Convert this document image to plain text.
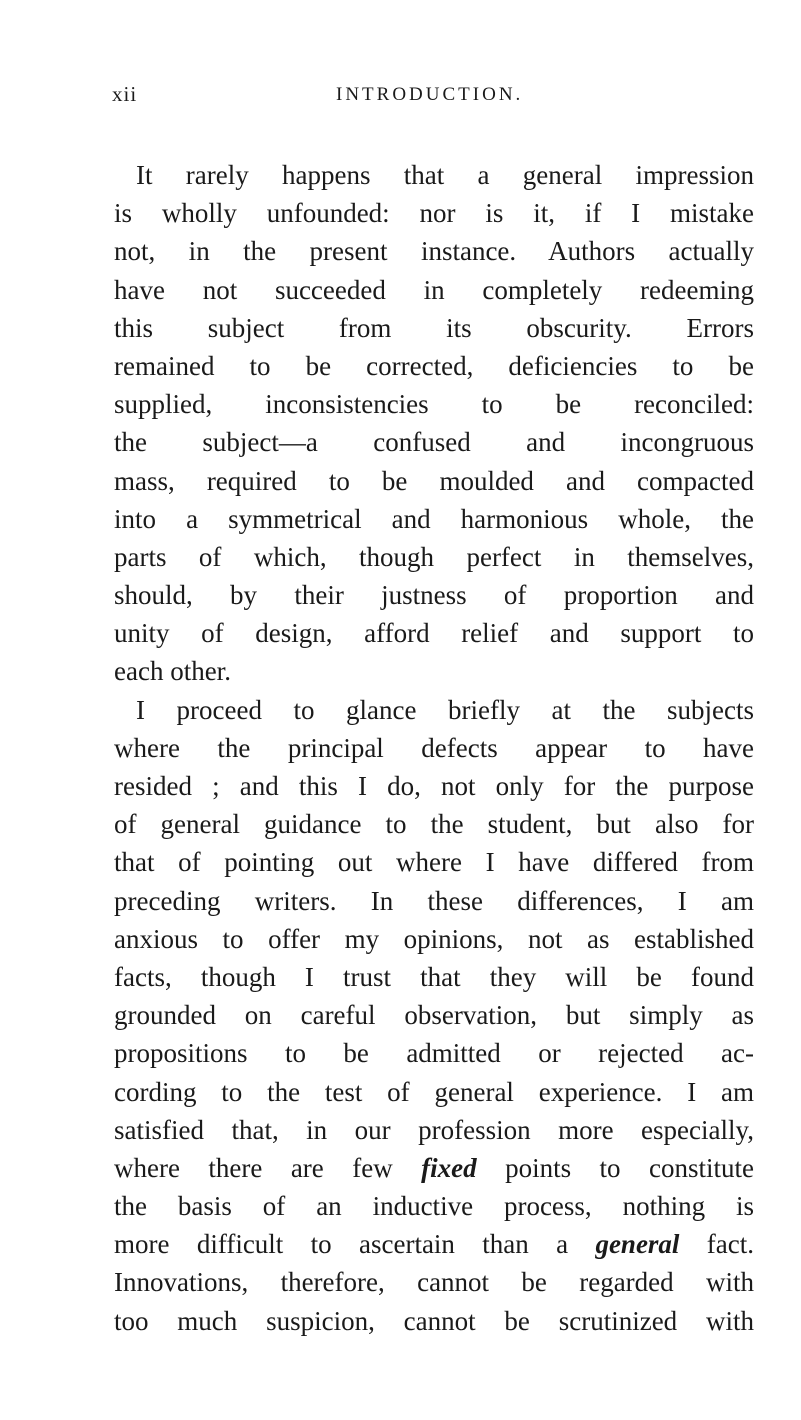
xii	INTRODUCTION.
It rarely happens that a general impression
is wholly unfounded: nor is it, if I mistake
not, in the present instance. Authors actually
have not succeeded in completely redeeming
this subject from its obscurity. Errors
remained to be corrected, deficiencies to be
supplied, inconsistencies to be reconciled:
the subject—a confused and incongruous
mass, required to be moulded and compacted
into a symmetrical and harmonious whole, the
parts of which, though perfect in themselves,
should, by their justness of proportion and
unity of design, afford relief and support to
each other.
I proceed to glance briefly at the subjects
where the principal defects appear to have
resided ; and this I do, not only for the purpose
of general guidance to the student, but also for
that of pointing out where I have differed from
preceding writers. In these differences, I am
anxious to offer my opinions, not as established
facts, though I trust that they will be found
grounded on careful observation, but simply as
propositions to be admitted or rejected ac-
cording to the test of general experience. I am
satisfied that, in our profession more especially,
where there are few fixed points to constitute
the basis of an inductive process, nothing is
more difficult to ascertain than a general fact.
Innovations, therefore, cannot be regarded with
too much suspicion, cannot be scrutinized with
